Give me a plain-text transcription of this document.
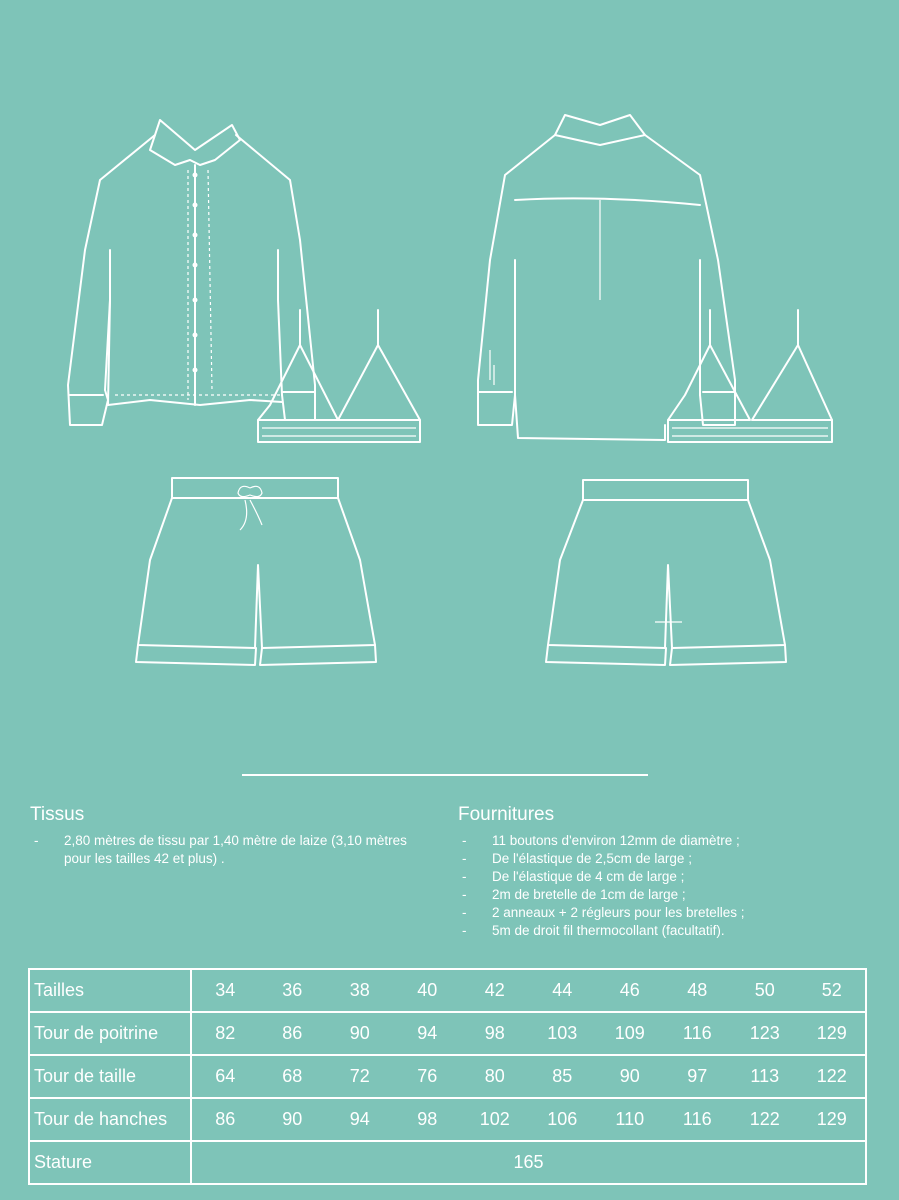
Tissus
- 2,80 mètres de tissu par 1,40 mètre de laize (3,10 mètres pour les tailles 42 et plus) .
Fournitures
- 11 boutons d'environ 12mm de diamètre ;
- De l'élastique de 2,5cm de large ;
- De l'élastique de 4 cm de large ;
- 2m de bretelle de 1cm de large ;
- 2 anneaux + 2 régleurs pour les bretelles ;
- 5m de droit fil thermocollant (facultatif).
Tailles	34	36	38	40	42	44	46	48	50	52
Tour de poitrine	82	86	90	94	98	103	109	116	123	129
Tour de taille	64	68	72	76	80	85	90	97	113	122
Tour de hanches	86	90	94	98	102	106	110	116	122	129
Stature	165									
